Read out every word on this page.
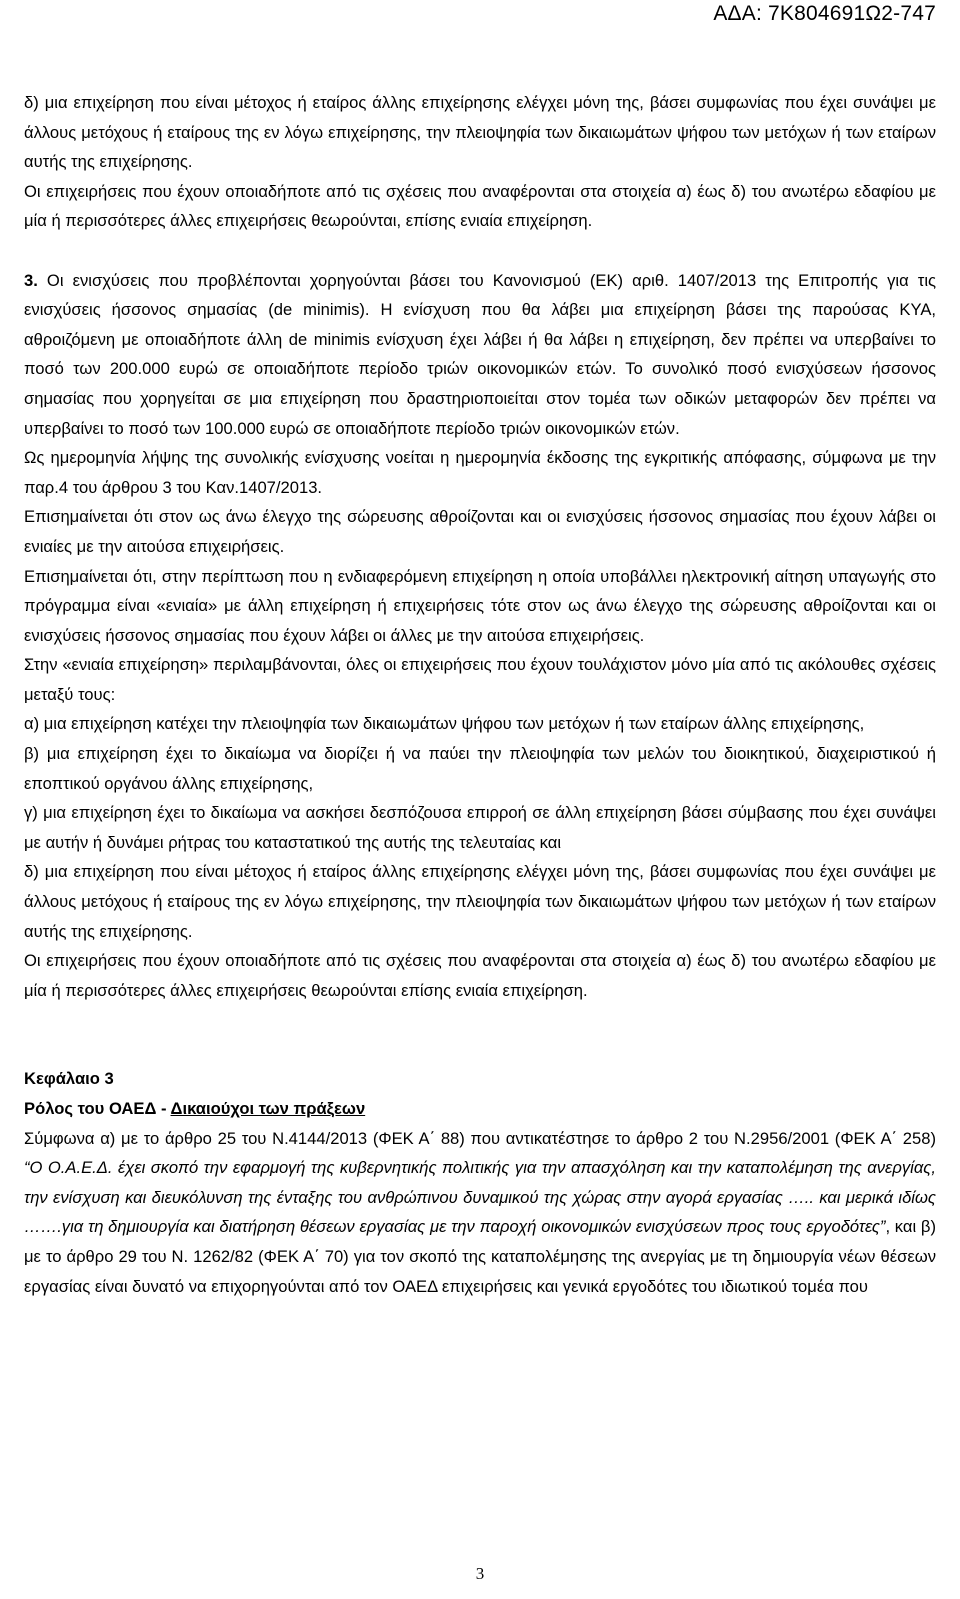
ΑΔΑ: 7Κ804691Ω2-747

δ) μια επιχείρηση που είναι μέτοχος ή εταίρος άλλης επιχείρησης ελέγχει μόνη της, βάσει συμφωνίας που έχει συνάψει με άλλους μετόχους ή εταίρους της εν λόγω επιχείρησης, την πλειοψηφία των δικαιωμάτων ψήφου των μετόχων ή των εταίρων αυτής της επιχείρησης.

Οι επιχειρήσεις που έχουν οποιαδήποτε από τις σχέσεις που αναφέρονται στα στοιχεία α) έως δ) του ανωτέρω εδαφίου με μία ή περισσότερες άλλες επιχειρήσεις θεωρούνται, επίσης ενιαία επιχείρηση.

3. Οι ενισχύσεις που προβλέπονται χορηγούνται βάσει του Κανονισμού (ΕΚ) αριθ. 1407/2013 της Επιτροπής για τις ενισχύσεις ήσσονος σημασίας (de minimis). Η ενίσχυση που θα λάβει μια επιχείρηση βάσει της παρούσας ΚΥΑ, αθροιζόμενη με οποιαδήποτε άλλη de minimis ενίσχυση έχει λάβει ή θα λάβει η επιχείρηση, δεν πρέπει να υπερβαίνει το ποσό των 200.000 ευρώ σε οποιαδήποτε περίοδο τριών οικονομικών ετών. Το συνολικό ποσό ενισχύσεων ήσσονος σημασίας που χορηγείται σε μια επιχείρηση που δραστηριοποιείται στον τομέα των οδικών μεταφορών δεν πρέπει να υπερβαίνει το ποσό των 100.000 ευρώ σε οποιαδήποτε περίοδο τριών οικονομικών ετών.

Ως ημερομηνία λήψης της συνολικής ενίσχυσης νοείται η ημερομηνία έκδοσης της εγκριτικής απόφασης, σύμφωνα με την παρ.4 του άρθρου 3 του Καν.1407/2013.

Επισημαίνεται ότι στον ως άνω έλεγχο της σώρευσης αθροίζονται και οι ενισχύσεις ήσσονος σημασίας που έχουν λάβει οι ενιαίες με την αιτούσα επιχειρήσεις.

Επισημαίνεται ότι, στην περίπτωση που η ενδιαφερόμενη επιχείρηση η οποία υποβάλλει ηλεκτρονική αίτηση υπαγωγής στο πρόγραμμα είναι «ενιαία» με άλλη επιχείρηση ή επιχειρήσεις τότε στον ως άνω έλεγχο της σώρευσης αθροίζονται και οι ενισχύσεις ήσσονος σημασίας που έχουν λάβει οι άλλες με την αιτούσα επιχειρήσεις.

Στην «ενιαία επιχείρηση» περιλαμβάνονται, όλες οι επιχειρήσεις που έχουν τουλάχιστον μόνο μία από τις ακόλουθες σχέσεις μεταξύ τους:

α) μια επιχείρηση κατέχει την πλειοψηφία των δικαιωμάτων ψήφου των μετόχων ή των εταίρων άλλης επιχείρησης,

β) μια επιχείρηση έχει το δικαίωμα να διορίζει ή να παύει την πλειοψηφία των μελών του διοικητικού, διαχειριστικού ή εποπτικού οργάνου άλλης επιχείρησης,

γ) μια επιχείρηση έχει το δικαίωμα να ασκήσει δεσπόζουσα επιρροή σε άλλη επιχείρηση βάσει σύμβασης που έχει συνάψει με αυτήν ή δυνάμει ρήτρας του καταστατικού της αυτής της τελευταίας και

δ) μια επιχείρηση που είναι μέτοχος ή εταίρος άλλης επιχείρησης ελέγχει μόνη της, βάσει συμφωνίας που έχει συνάψει με άλλους μετόχους ή εταίρους της εν λόγω επιχείρησης, την πλειοψηφία των δικαιωμάτων ψήφου των μετόχων ή των εταίρων αυτής της επιχείρησης.

Οι επιχειρήσεις που έχουν οποιαδήποτε από τις σχέσεις που αναφέρονται στα στοιχεία α) έως δ) του ανωτέρω εδαφίου με μία ή περισσότερες άλλες επιχειρήσεις θεωρούνται επίσης ενιαία επιχείρηση.

Κεφάλαιο 3

Ρόλος του ΟΑΕΔ - Δικαιούχοι των πράξεων

Σύμφωνα α) με το άρθρο 25 του Ν.4144/2013 (ΦΕΚ Α΄ 88) που αντικατέστησε το άρθρο 2 του Ν.2956/2001 (ΦΕΚ Α΄ 258) “Ο Ο.Α.Ε.Δ. έχει σκοπό την εφαρμογή της κυβερνητικής πολιτικής για την απασχόληση και την καταπολέμηση της ανεργίας, την ενίσχυση και διευκόλυνση της ένταξης του ανθρώπινου δυναμικού της χώρας στην αγορά εργασίας ….. και μερικά ιδίως …….για τη δημιουργία και διατήρηση θέσεων εργασίας με την παροχή οικονομικών ενισχύσεων προς τους εργοδότες”, και β) με το άρθρο 29 του Ν. 1262/82 (ΦΕΚ Α΄ 70) για τον σκοπό της καταπολέμησης της ανεργίας με τη δημιουργία νέων θέσεων εργασίας είναι δυνατό να επιχορηγούνται από τον ΟΑΕΔ επιχειρήσεις και γενικά εργοδότες του ιδιωτικού τομέα που

3
